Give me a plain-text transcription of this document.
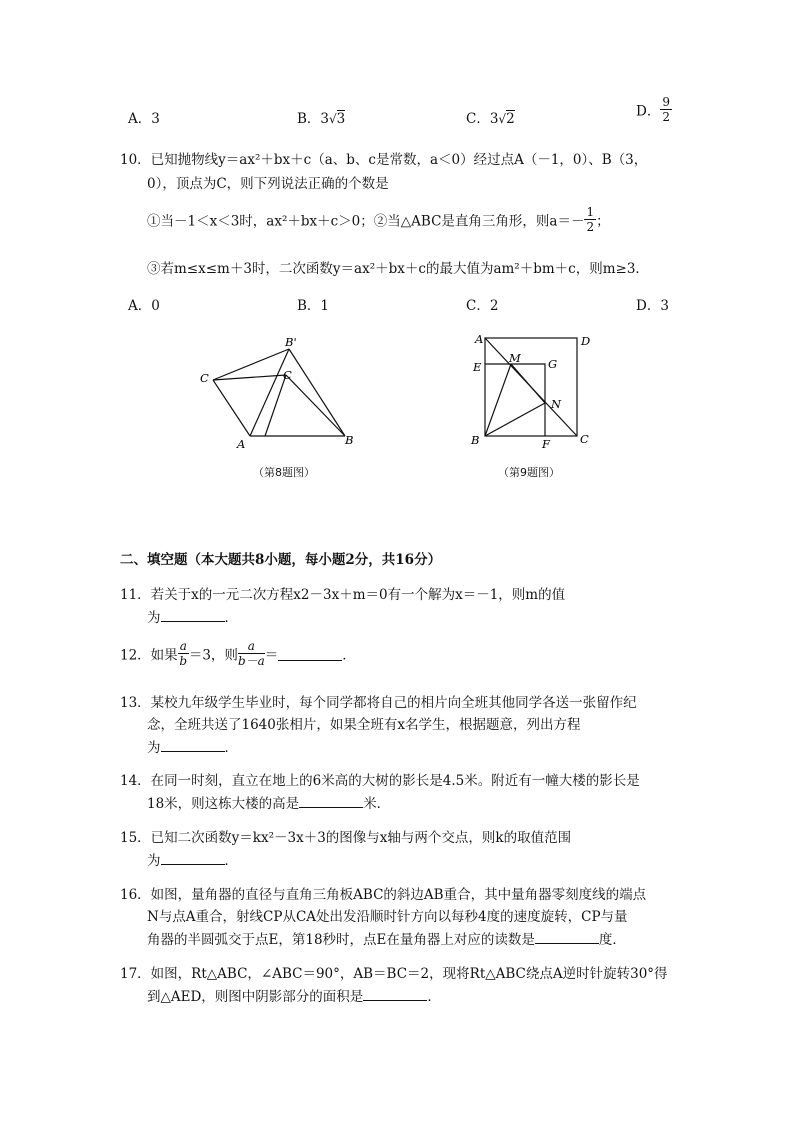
A．3	B．3√3	C．3√2	D． $\frac{9}{2}$
10．已知抛物线y＝ax²＋bx＋c（a、b、c是常数，a＜0）经过点A（－1，0）、B（3，
0），顶点为C，则下列说法正确的个数是
①当－1＜x＜3时，ax²＋bx＋c＞0；②当△ABC是直角三角形，则$a=- \frac{1}{2}$ ；
③若m≤x≤m＋3时，二次函数y＝ax²＋bx＋c的最大值为am²＋bm＋c，则m≥3．
A．0	B．1	C．2	D．3
B'
C
C
A	B
（第8题图）
A	D
M G
E
N
B	F	C
（第9题图）
二、填空题（本大题共8小题，每小题2分，共16分）
11．若关于x的一元二次方程x2－3x＋m＝0有一个解为x＝－1，则m的值
为	．
12．如果 $\frac{a}{b} =3$，则 $\frac{a}{b-a}$ ＝	．
13．某校九年级学生毕业时，每个同学都将自己的相片向全班其他同学各送一张留作纪
念，全班共送了1640张相片，如果全班有x名学生，根据题意，列出方程
为	．
14．在同一时刻，直立在地上的6米高的大树的影长是4.5米。附近有一幢大楼的影长是
18米，则这栋大楼的高是	米．
15．已知二次函数y＝kx²－3x＋3的图像与x轴与两个交点，则k的取值范围
为	．
16．如图，量角器的直径与直角三角板ABC的斜边AB重合，其中量角器零刻度线的端点
N与点A重合，射线CP从CA处出发沿顺时针方向以每秒4度的速度旋转，CP与量
角器的半圆弧交于点E，第18秒时，点E在量角器上对应的读数是	度．
17．如图，Rt△ABC，∠ABC＝90°，AB＝BC＝2，现将Rt△ABC绕点A逆时针旋转30°得
到△AED，则图中阴影部分的面积是	．
